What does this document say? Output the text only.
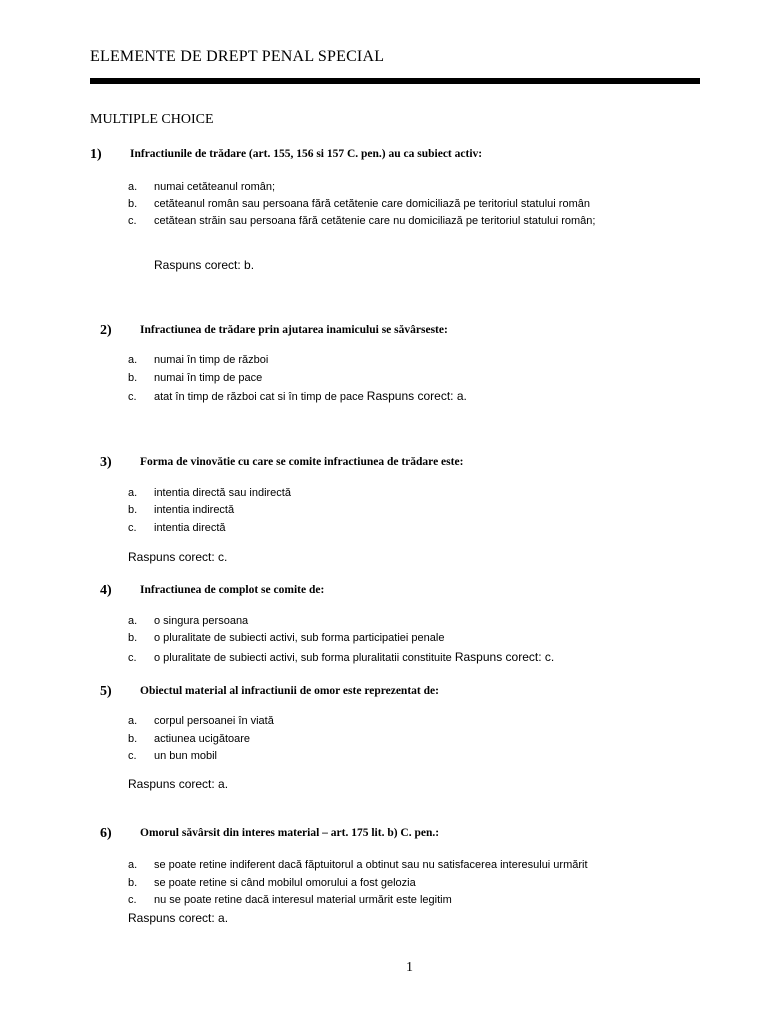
ELEMENTE DE DREPT PENAL SPECIAL
MULTIPLE CHOICE
1) Infractiunile de trădare (art. 155, 156 si 157 C. pen.) au ca subiect activ:
a. numai cetăteanul român;
b. cetăteanul român sau persoana fără cetătenie care domiciliază pe teritoriul statului român
c. cetătean străin sau persoana fără cetătenie care nu domiciliază pe teritoriul statului român;
Raspuns corect: b.
2) Infractiunea de trădare prin ajutarea inamicului se săvârseste:
a. numai în timp de război
b. numai în timp de pace
c. atat în timp de război cat si în timp de pace Raspuns corect: a.
3) Forma de vinovătie cu care se comite infractiunea de trădare este:
a. intentia directă sau indirectă
b. intentia indirectă
c. intentia directă
Raspuns corect: c.
4) Infractiunea de complot se comite de:
a. o singura persoana
b. o pluralitate de subiecti activi, sub forma participatiei penale
c. o pluralitate de subiecti activi, sub forma pluralitatii constituite Raspuns corect: c.
5) Obiectul material al infractiunii de omor este reprezentat de:
a. corpul persoanei în viată
b. actiunea ucigătoare
c. un bun mobil
Raspuns corect: a.
6) Omorul săvârsit din interes material – art. 175 lit. b) C. pen.:
a. se poate retine indiferent dacă făptuitorul a obtinut sau nu satisfacerea interesului urmărit
b. se poate retine si când mobilul omorului a fost gelozia
c. nu se poate retine dacă interesul material urmărit este legitim
Raspuns corect: a.
1
